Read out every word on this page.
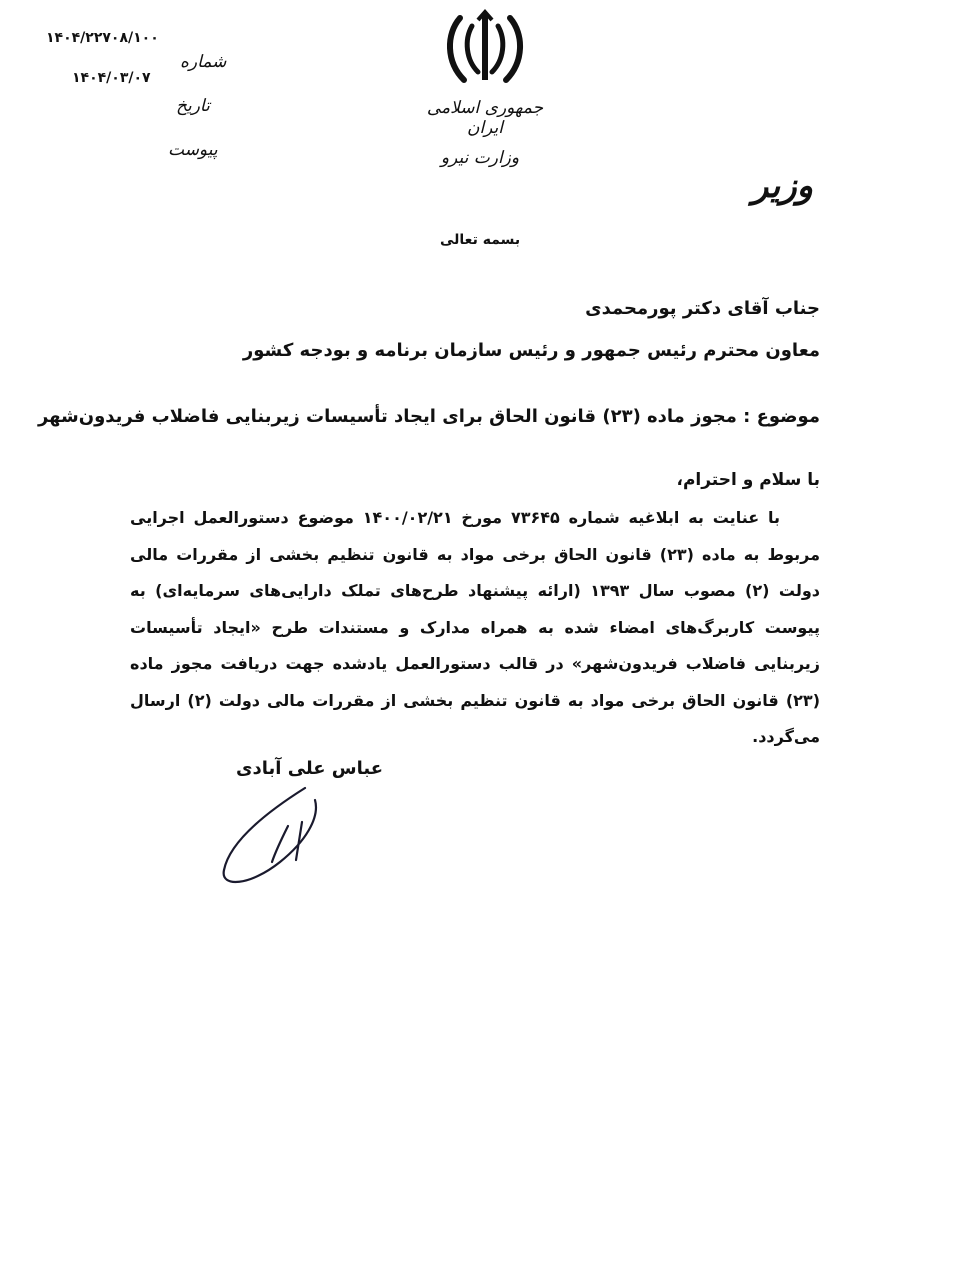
۱۴۰۴/۲۲۷۰۸/۱۰۰
شماره
۱۴۰۴/۰۳/۰۷
تاریخ
پیوست
جمهوری اسلامی ایران
وزارت نیرو
وزیر
بسمه تعالی
جناب آقای دکتر پورمحمدی
معاون محترم رئیس جمهور و رئیس سازمان برنامه و بودجه کشور
موضوع : مجوز ماده (۲۳) قانون الحاق برای ایجاد تأسیسات زیربنایی فاضلاب فریدون‌شهر
با سلام و احترام،
با عنایت به ابلاغیه شماره ۷۳۶۴۵ مورخ ۱۴۰۰/۰۲/۲۱ موضوع دستورالعمل اجرایی مربوط به ماده (۲۳) قانون الحاق برخی مواد به قانون تنظیم بخشی از مقررات مالی دولت (۲) مصوب سال ۱۳۹۳ (ارائه پیشنهاد طرح‌های تملک دارایی‌های سرمایه‌ای) به پیوست کاربرگ‌های امضاء شده به همراه مدارک و مستندات طرح «ایجاد تأسیسات زیربنایی فاضلاب فریدون‌شهر» در قالب دستورالعمل یادشده جهت دریافت مجوز ماده (۲۳) قانون الحاق برخی مواد به قانون تنظیم بخشی از مقررات مالی دولت (۲) ارسال می‌گردد.
عباس علی آبادی
